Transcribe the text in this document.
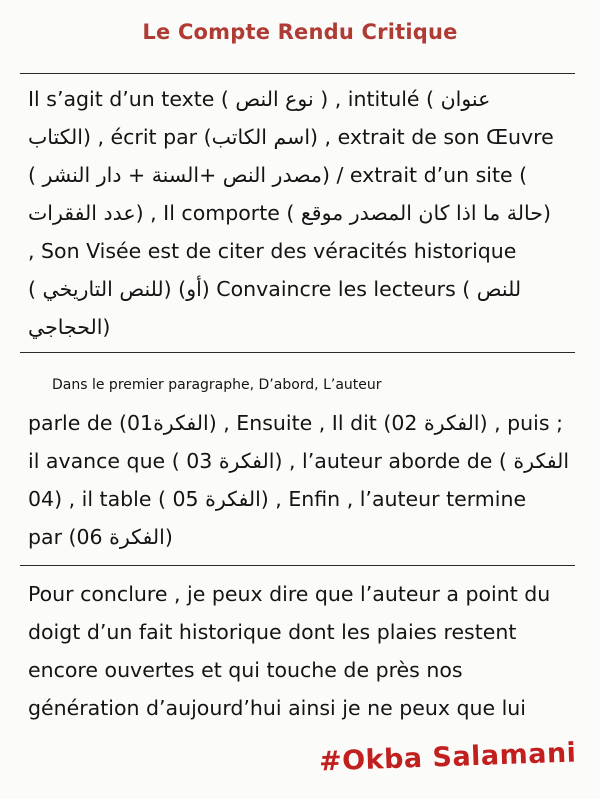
Le Compte Rendu Critique
Il s’agit d’un texte ( نوع النص ) , intitulé ( عنوان
الكتاب) , écrit par (اسم الكاتب) , extrait de son Œuvre
( مصدر النص +السنة + دار النشر) / extrait d’un site (
عدد الفقرات) , Il comporte ( حالة ما اذا كان المصدر موقع)
, Son Visée est de citer des véracités historique
( للنص التاريخي) (أو) Convaincre les lecteurs ( للنص
الحجاجي)
Dans le premier paragraphe, D’abord, L’auteur
parle de (الفكرة01) , Ensuite , Il dit (02 الفكرة) , puis ;
il avance que ( 03 الفكرة) , l’auteur aborde de ( الفكرة
04) , il table ( 05 الفكرة) , Enfin , l’auteur termine
par (06 الفكرة)
Pour conclure , je peux dire que l’auteur a point du
doigt d’un fait historique dont les plaies restent
encore ouvertes et qui touche de près nos
génération d’aujourd’hui ainsi je ne peux que lui
#Okba Salamani
